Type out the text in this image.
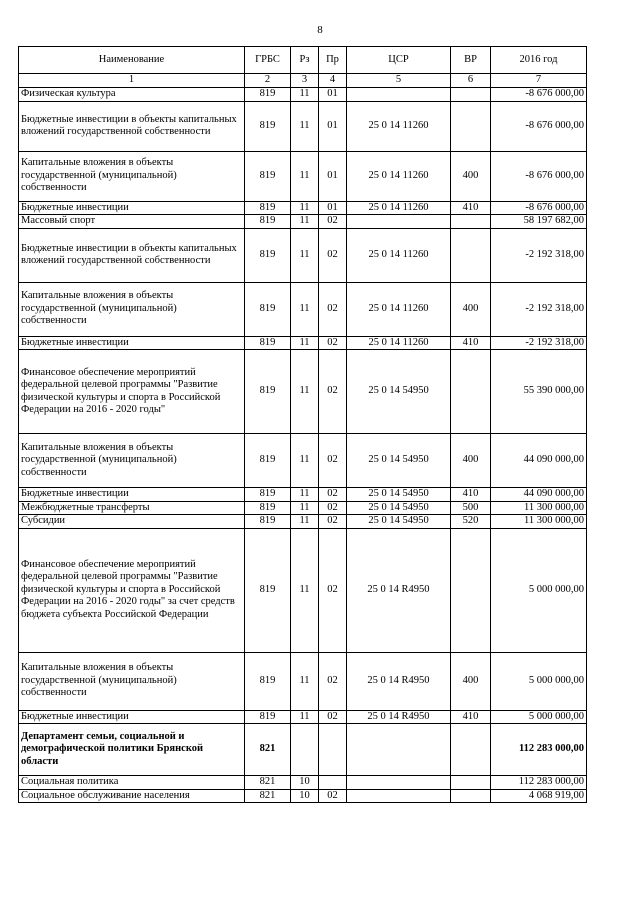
8
Наименование	ГРБС	Рз	Пр	ЦСР	ВР	2016 год
1	2	3	4	5	6	7
Физическая культура	819	11	01			-8 676 000,00
Бюджетные инвестиции в объекты капитальных вложений государственной собственности	819	11	01	25 0 14 11260		-8 676 000,00
Капитальные вложения в объекты государственной (муниципальной) собственности	819	11	01	25 0 14 11260	400	-8 676 000,00
Бюджетные инвестиции	819	11	01	25 0 14 11260	410	-8 676 000,00
Массовый спорт	819	11	02			58 197 682,00
Бюджетные инвестиции в объекты капитальных вложений государственной собственности	819	11	02	25 0 14 11260		-2 192 318,00
Капитальные вложения в объекты государственной (муниципальной) собственности	819	11	02	25 0 14 11260	400	-2 192 318,00
Бюджетные инвестиции	819	11	02	25 0 14 11260	410	-2 192 318,00
Финансовое обеспечение мероприятий федеральной целевой программы "Развитие физической культуры и спорта в Российской Федерации на 2016 - 2020 годы"	819	11	02	25 0 14 54950		55 390 000,00
Капитальные вложения в объекты государственной (муниципальной) собственности	819	11	02	25 0 14 54950	400	44 090 000,00
Бюджетные инвестиции	819	11	02	25 0 14 54950	410	44 090 000,00
Межбюджетные трансферты	819	11	02	25 0 14 54950	500	11 300 000,00
Субсидии	819	11	02	25 0 14 54950	520	11 300 000,00
Финансовое обеспечение мероприятий федеральной целевой программы "Развитие физической культуры и спорта в Российской Федерации на 2016 - 2020 годы" за счет средств бюджета субъекта Российской Федерации	819	11	02	25 0 14 R4950		5 000 000,00
Капитальные вложения в объекты государственной (муниципальной) собственности	819	11	02	25 0 14 R4950	400	5 000 000,00
Бюджетные инвестиции	819	11	02	25 0 14 R4950	410	5 000 000,00
Департамент семьи, социальной и демографической политики Брянской области	821					112 283 000,00
Социальная политика	821	10				112 283 000,00
Социальное обслуживание населения	821	10	02			4 068 919,00
